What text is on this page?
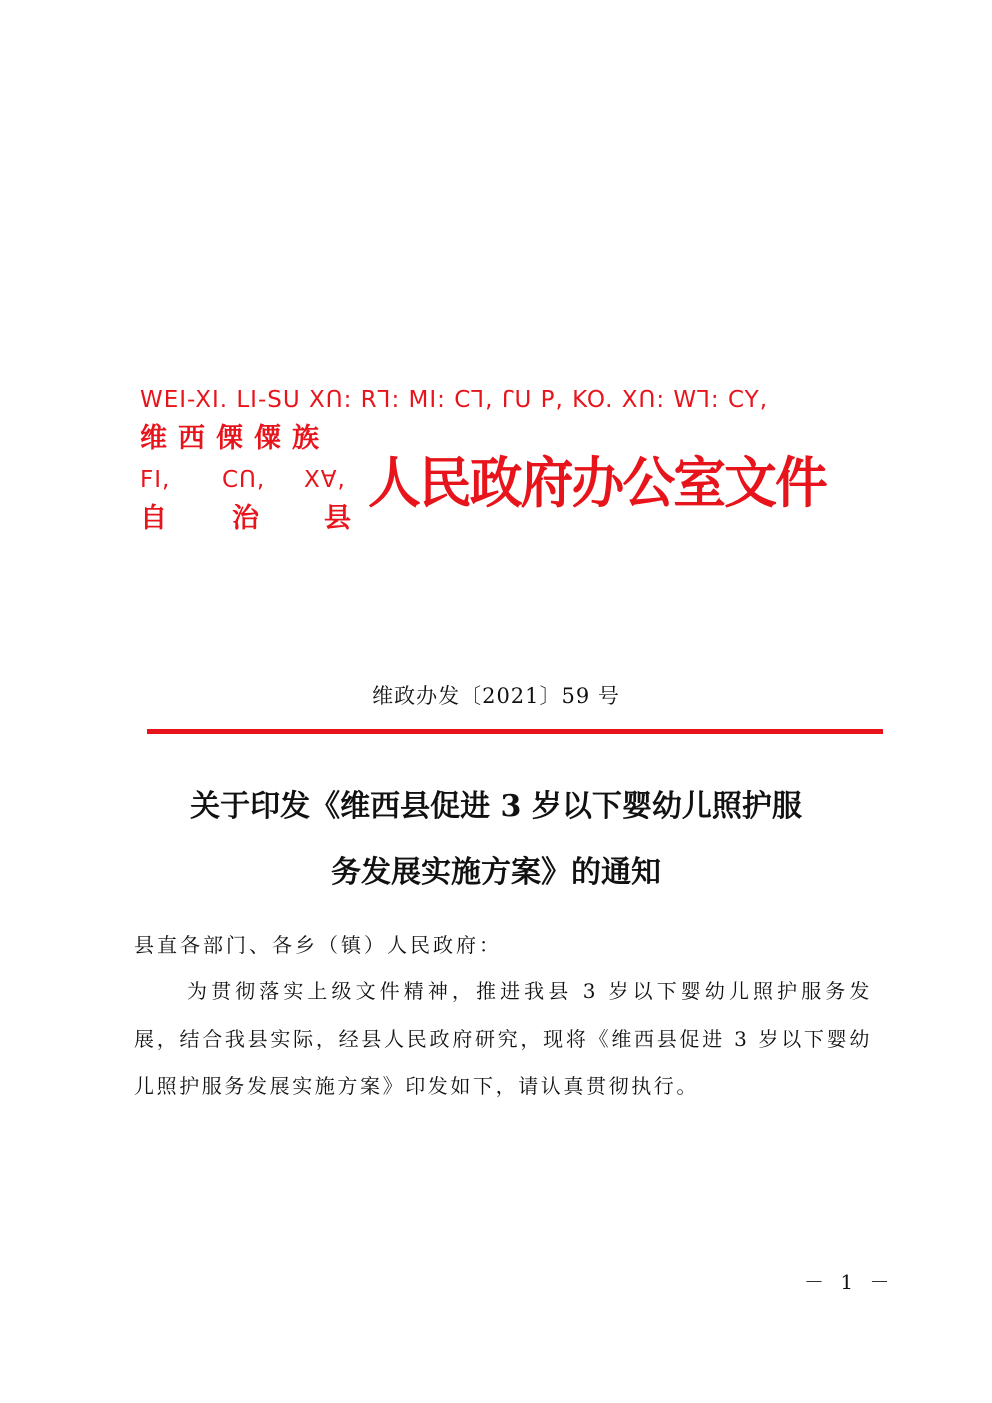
WEI-XI. LI-SU XՈ: Rꓶ: MI: Cꓶ, ꓩU P, KO. XՈ: Wꓶ: CY,
维西傈僳族
FI, CՈ, Xꓯ,
自 治 县
人民政府办公室文件
维政办发〔2021〕59 号
关于印发《维西县促进 3 岁以下婴幼儿照护服
务发展实施方案》的通知
县直各部门、各乡（镇）人民政府：
为贯彻落实上级文件精神，推进我县 3 岁以下婴幼儿照护服务发展，结合我县实际，经县人民政府研究，现将《维西县促进 3 岁以下婴幼儿照护服务发展实施方案》印发如下，请认真贯彻执行。
－ 1 －
